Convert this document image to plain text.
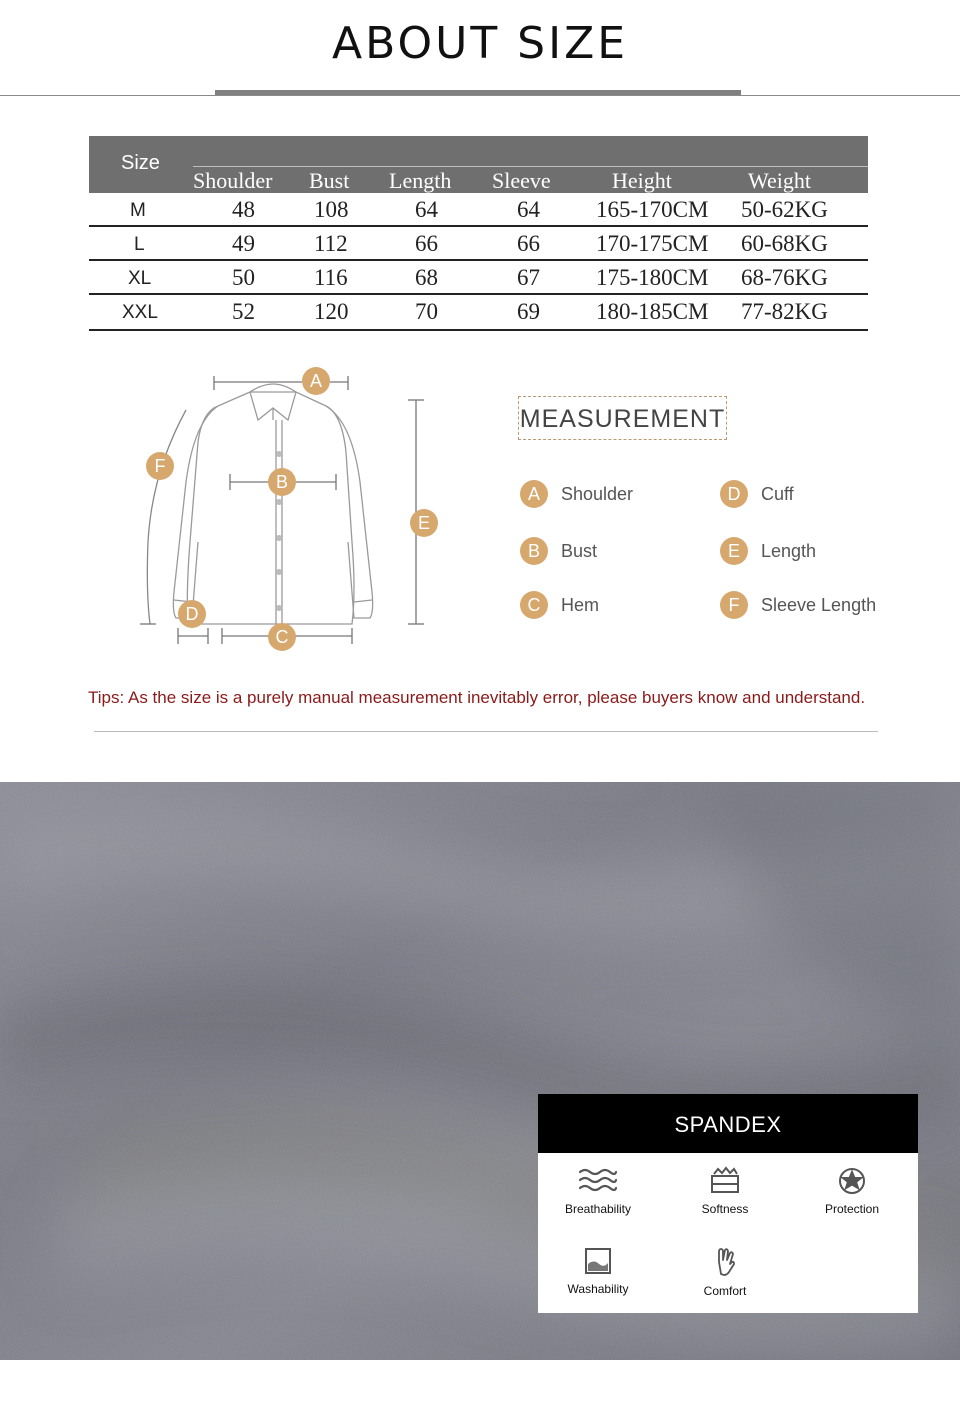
ABOUT SIZE
Size
Shoulder Bust Length Sleeve	Height	Weight
M	48	108	64	64 165-170CM 50-62KG
L	49	112	66	66 170-175CM 60-68KG
XL	50	116	68	67 175-180CM 68-76KG
XXL	52	120	70	69 180-185CM 77-82KG
A
B
C
D
E
F
MEASUREMENT
A	Shoulder
B	Bust
C	Hem
D	Cuff
E	Length
F	Sleeve Length
Tips: As the size is a purely manual measurement inevitably error, please buyers know and understand.
SPANDEX
Breathability	Softness	Protection
Washability	Comfort
